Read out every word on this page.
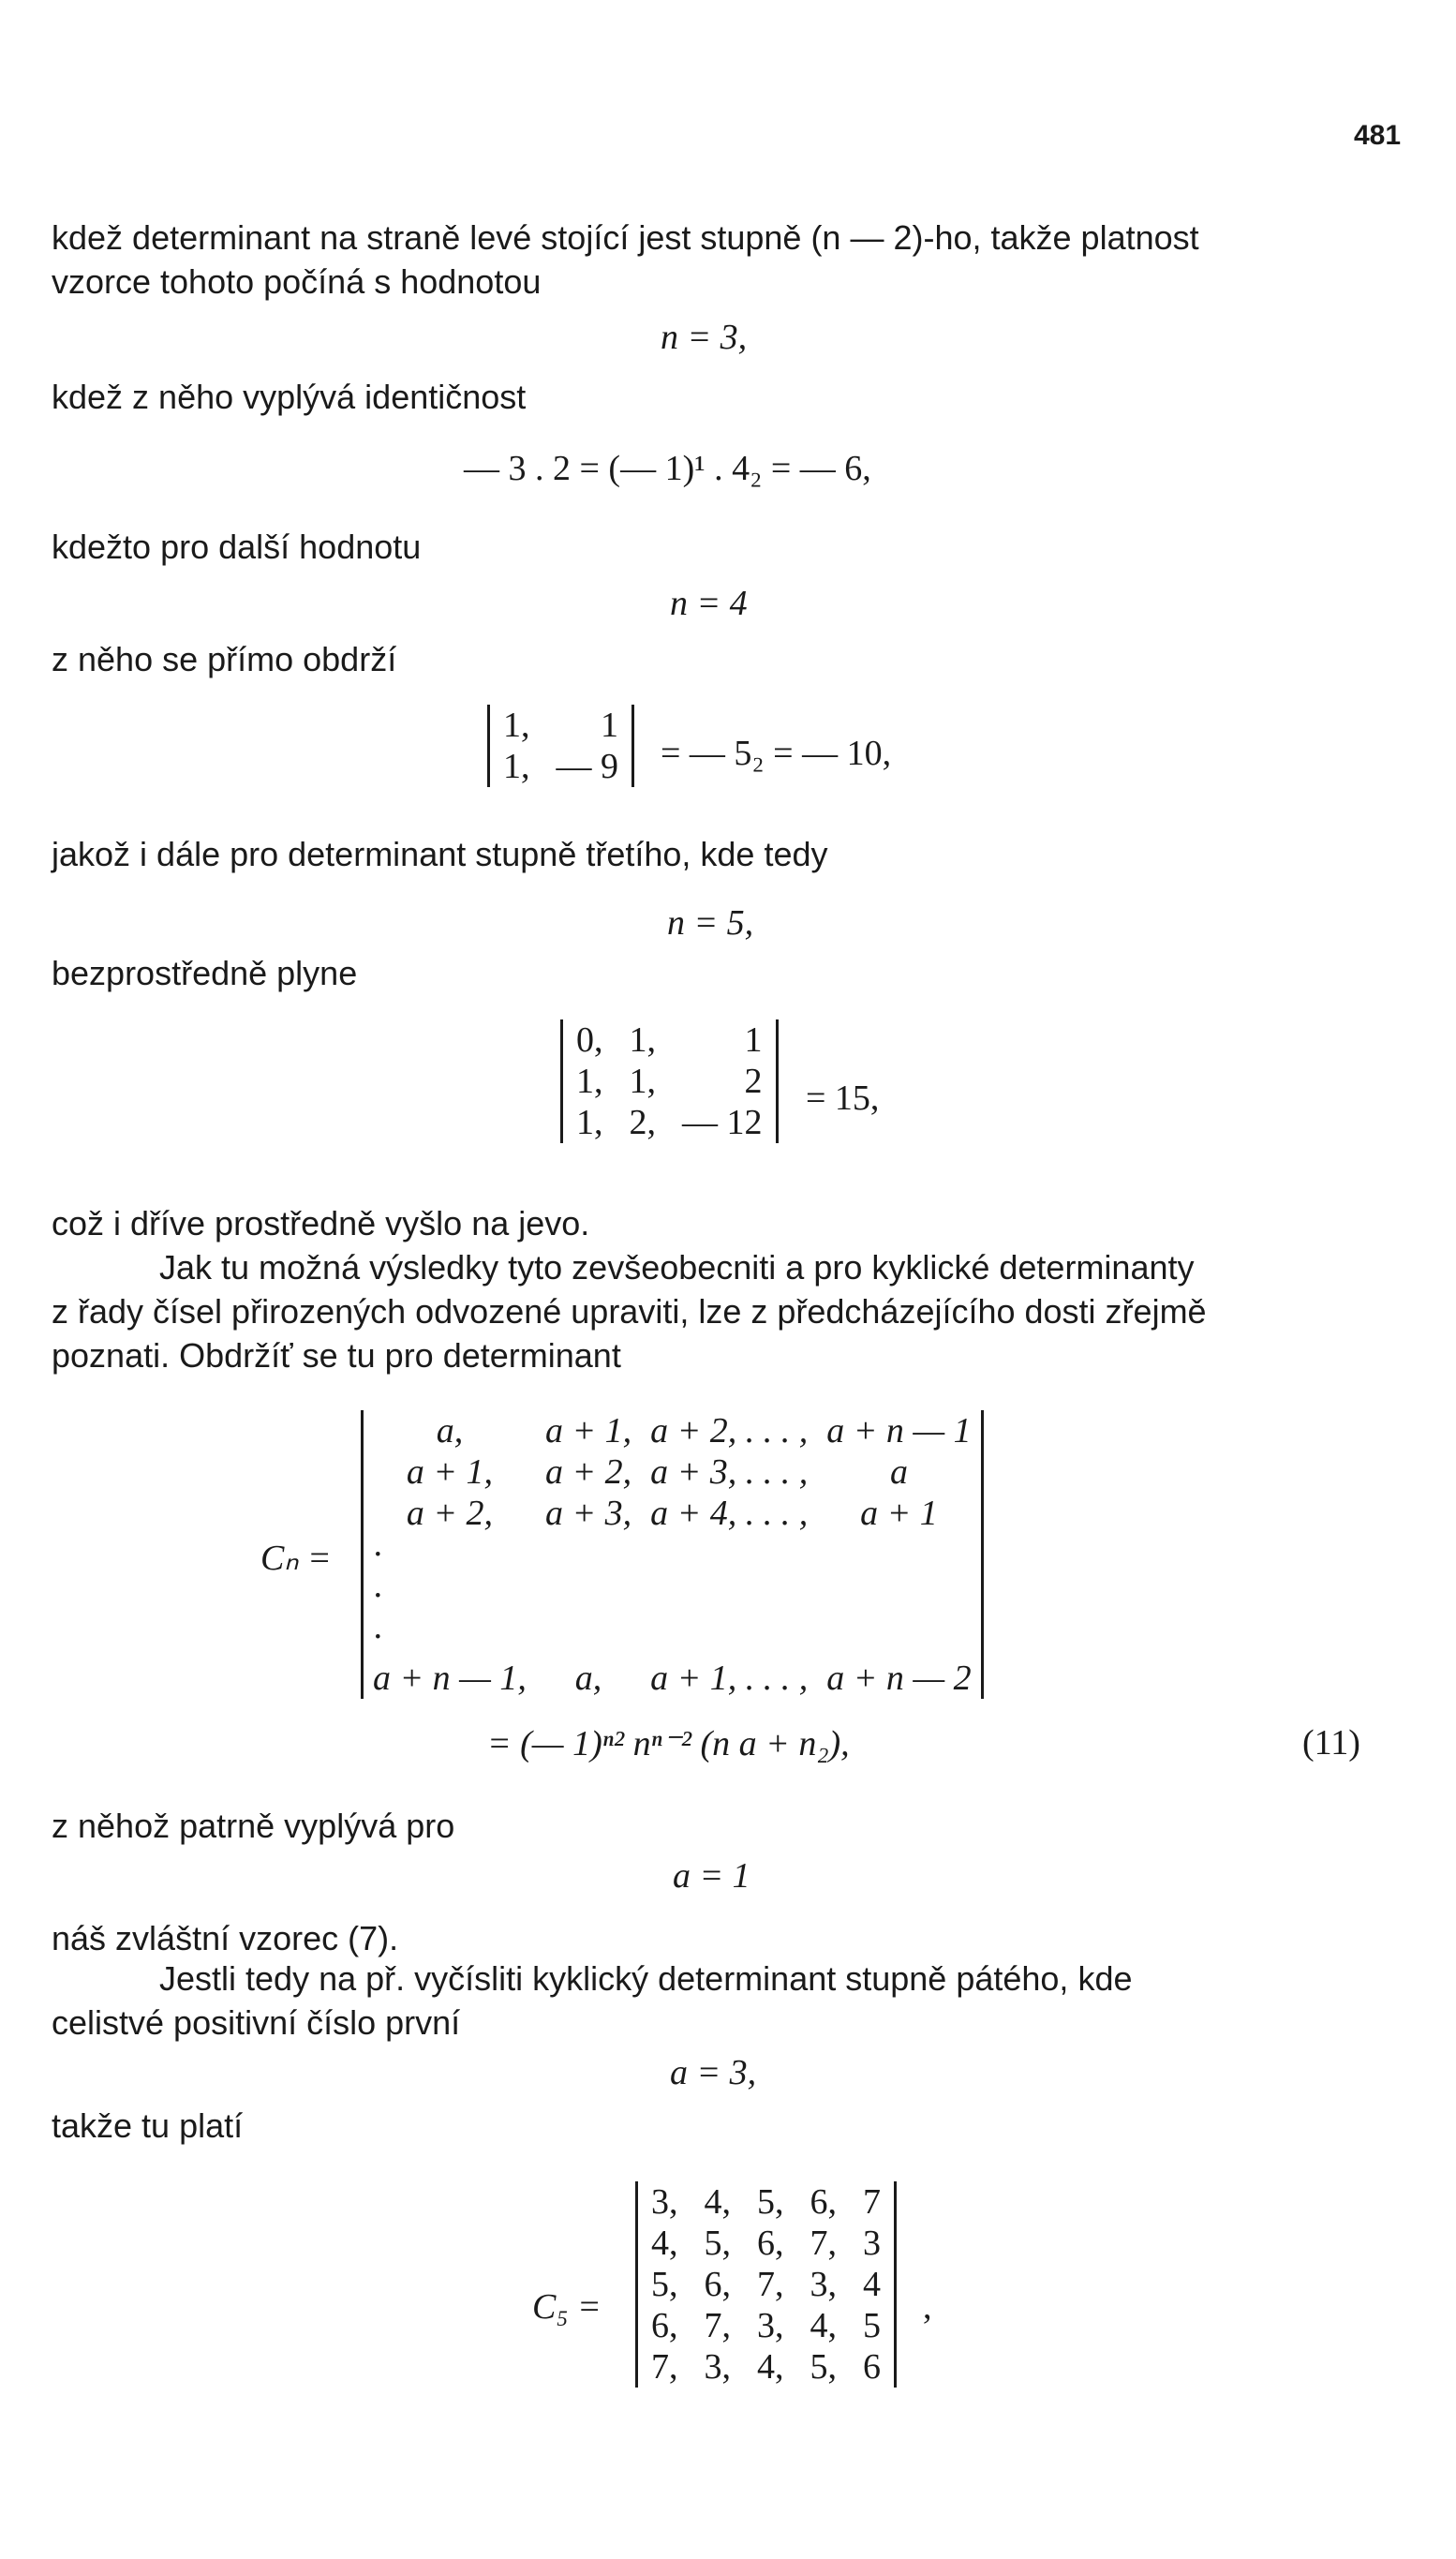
481
kdež determinant na straně levé stojící jest stupně (n — 2)-ho, takže platnost
vzorce tohoto počíná s hodnotou
n = 3,
kdež z něho vyplývá identičnost
— 3 . 2 = (— 1)¹ . 4₂ = — 6,
kdežto pro další hodnotu
n = 4
z něho se přímo obdrží
1,	1
1,	— 9 = — 5₂ = — 10,
jakož i dále pro determinant stupně třetího, kde tedy
n = 5,
bezprostředně plyne
0,	1,	1
1,	1,	2
1,	2,	— 12
= 15,
což i dříve prostředně vyšlo na jevo.
Jak tu možná výsledky tyto zevšeobecniti a pro kyklické determinanty
z řady čísel přirozených odvozené upraviti, lze z předcházejícího dosti zřejmě
poznati. Obdržíť se tu pro determinant
Cₙ =
a,	a + 1,	a + 2, . . . ,	a + n — 1
a + 1,	a + 2,	a + 3, . . . ,	a
a + 2,	a + 3,	a + 4, . . . ,	a + 1
·			
·			
·			
a + n — 1,	a,	a + 1, . . . ,	a + n — 2
= (— 1)ⁿ² nⁿ⁻² (n a + n₂),	(11)
z něhož patrně vyplývá pro
a = 1
náš zvláštní vzorec (7).
Jestli tedy na př. vyčísliti kyklický determinant stupně pátého, kde
celistvé positivní číslo první
a = 3,
takže tu platí
C₅ =
3,	4,	5,	6,	7
4,	5,	6,	7,	3
5,	6,	7,	3,	4
6,	7,	3,	4,	5
7,	3,	4,	5,	6
,
